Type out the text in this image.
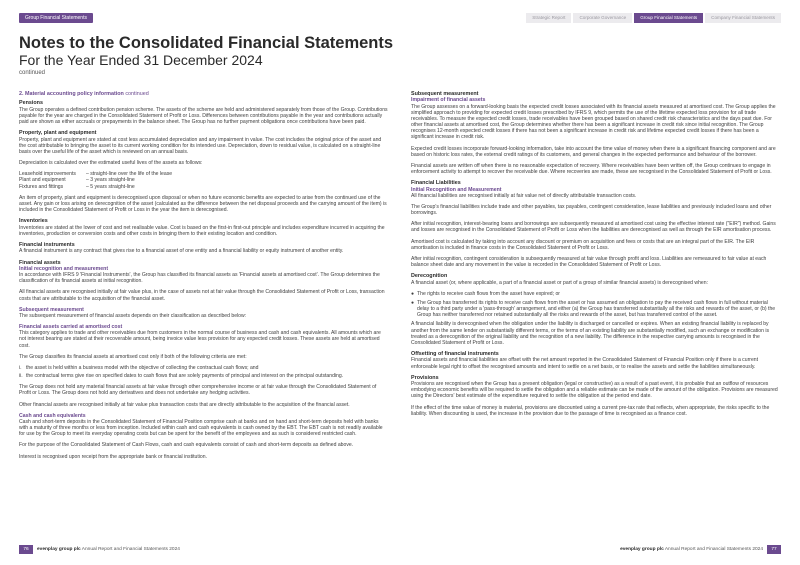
Group Financial Statements	Strategic Report	Corporate Governance	Group Financial Statements	Company Financial Statements
Notes to the Consolidated Financial Statements
For the Year Ended 31 December 2024
continued
2. Material accounting policy information continued
Pensions

The Group operates a defined contribution pension scheme. The assets of the scheme are held and administered separately from those of the Group. Contributions payable for the year are charged in the Consolidated Statement of Profit or Loss. Differences between contributions payable in the year and contributions actually paid are shown as either accruals or prepayments in the balance sheet. The Group has no further payment obligations once contributions have been paid.

Property, plant and equipment

Property, plant and equipment are stated at cost less accumulated depreciation and any impairment in value. The cost includes the original price of the asset and the cost attributable to bringing the asset to its current working condition for its intended use. Depreciation, down to residual value, is calculated on a straight-line basis over the useful life of the asset which is reviewed on an annual basis.

Depreciation is calculated over the estimated useful lives of the assets as follows:

Leasehold improvements	– straight-line over the life of the lease
Plant and equipment	– 3 years straight-line
Fixtures and fittings	– 5 years straight-line

An item of property, plant and equipment is derecognised upon disposal or when no future economic benefits are expected to arise from the continued use of the asset. Any gain or loss arising on derecognition of the asset (calculated as the difference between the net disposal proceeds and the carrying amount of the item) is included in the Consolidated Statement of Profit or Loss in the year the item is derecognised.

Inventories

Inventories are stated at the lower of cost and net realisable value. Cost is based on the first-in first-out principle and includes expenditure incurred in acquiring the inventories, production or conversion costs and other costs in bringing them to their existing location and condition.

Financial instruments

A financial instrument is any contract that gives rise to a financial asset of one entity and a financial liability or equity instrument of another entity.

Financial assets
Initial recognition and measurement

In accordance with IFRS 9 'Financial Instruments', the Group has classified its financial assets as 'Financial assets at amortised cost'. The Group determines the classification of its financial assets at initial recognition.

All financial assets are recognised initially at fair value plus, in the case of assets not at fair value through the Consolidated Statement of Profit or Loss, transaction costs that are attributable to the acquisition of the financial asset.

Subsequent measurement

The subsequent measurement of financial assets depends on their classification as described below:

Financial assets carried at amortised cost

This category applies to trade and other receivables due from customers in the normal course of business and cash and cash equivalents. All amounts which are not interest bearing are stated at their recoverable amount, being invoice value less provision for any expected credit losses. These assets are held at amortised cost.

The Group classifies its financial assets at amortised cost only if both of the following criteria are met:

i. the asset is held within a business model with the objective of collecting the contractual cash flows; and
ii. the contractual terms give rise on specified dates to cash flows that are solely payments of principal and interest on the principal outstanding.

The Group does not hold any material financial assets at fair value through other comprehensive income or at fair value through the Consolidated Statement of Profit or Loss. The Group does not hold any derivatives and does not undertake any hedging activities.

Other financial assets are recognised initially at fair value plus transaction costs that are directly attributable to the acquisition of the financial asset.

Cash and cash equivalents

Cash and short-term deposits in the Consolidated Statement of Financial Position comprise cash at banks and on hand and short-term deposits held with banks with a maturity of three months or less from inception. Included within cash and cash equivalents is cash owned by the EBT. The EBT cash is not readily available for use by the Group to meet its everyday operating costs but can be spent for the benefit of the employees and as such is considered restricted cash.

For the purpose of the Consolidated Statement of Cash Flows, cash and cash equivalents consist of cash and short-term deposits as defined above.

Interest is recognised upon receipt from the appropriate bank or financial institution.

Subsequent measurement
Impairment of financial assets

The Group assesses on a forward-looking basis the expected credit losses associated with its financial assets measured at amortised cost. The Group applies the simplified approach to providing for expected credit losses prescribed by IFRS 9, which permits the use of the lifetime expected loss provision for all trade receivables. To measure the expected credit losses, trade receivables have been grouped based on shared credit risk characteristics and the days past due. For other financial assets at amortised cost, the Group determines whether there has been a significant increase in credit risk since initial recognition. The Group recognises 12-month expected credit losses if there has not been a significant increase in credit risk and lifetime expected credit losses if there has been a significant increase in credit risk.

Expected credit losses incorporate forward-looking information, take into account the time value of money when there is a significant financing component and are based on historic loss rates, the external credit ratings of its customers, and general changes in the expected performance and behaviour of the borrower.

Financial assets are written off when there is no reasonable expectation of recovery. Where receivables have been written off, the Group continues to engage in enforcement activity to attempt to recover the receivable due. Where recoveries are made, these are recognised in the Consolidated Statement of Profit or Loss.

Financial Liabilities
Initial Recognition and Measurement

All financial liabilities are recognised initially at fair value net of directly attributable transaction costs.

The Group's financial liabilities include trade and other payables, tax payables, contingent consideration, lease liabilities and previously included loans and other borrowings.

After initial recognition, interest-bearing loans and borrowings are subsequently measured at amortised cost using the effective interest rate ("EIR") method. Gains and losses are recognised in the Consolidated Statement of Profit or Loss when the liabilities are derecognised as well as through the EIR amortisation process.

Amortised cost is calculated by taking into account any discount or premium on acquisition and fees or costs that are an integral part of the EIR. The EIR amortisation is included in finance costs in the Consolidated Statement of Profit or Loss.

After initial recognition, contingent consideration is subsequently measured at fair value through profit and loss. Liabilities are remeasured to fair value at each balance sheet date and any movement in the value is recorded in the Consolidated Statement of Profit or Loss.

Derecognition

A financial asset (or, where applicable, a part of a financial asset or part of a group of similar financial assets) is derecognised when:

● The rights to receive cash flows from the asset have expired; or
● The Group has transferred its rights to receive cash flows from the asset or has assumed an obligation to pay the received cash flows in full without material delay to a third party under a 'pass-through' arrangement, and either (a) the Group has transferred substantially all the risks and rewards of the asset, or (b) the Group has neither transferred nor retained substantially all the risks and rewards of the asset, but has transferred control of the asset.

A financial liability is derecognised when the obligation under the liability is discharged or cancelled or expires. When an existing financial liability is replaced by another from the same lender on substantially different terms, or the terms of an existing liability are substantially modified, such an exchange or modification is treated as a derecognition of the original liability and the recognition of a new liability. The difference in the respective carrying amounts is recognised in the Consolidated Statement of Profit or Loss.

Offsetting of financial instruments

Financial assets and financial liabilities are offset with the net amount reported in the Consolidated Statement of Financial Position only if there is a current enforceable legal right to offset the recognised amounts and intent to settle on a net basis, or to realise the assets and settle the liabilities simultaneously.

Provisions

Provisions are recognised when the Group has a present obligation (legal or constructive) as a result of a past event, it is probable that an outflow of resources embodying economic benefits will be required to settle the obligation and a reliable estimate can be made of the amount of the obligation. Provisions are measured using the Directors' best estimate of the expenditure required to settle the obligation at the period end date.

If the effect of the time value of money is material, provisions are discounted using a current pre-tax rate that reflects, when appropriate, the risks specific to the liability. When discounting is used, the increase in the provision due to the passage of time is recognised as a finance cost.

76	evenplay group plc Annual Report and Financial Statements 2024	evenplay group plc Annual Report and Financial Statements 2024	77
